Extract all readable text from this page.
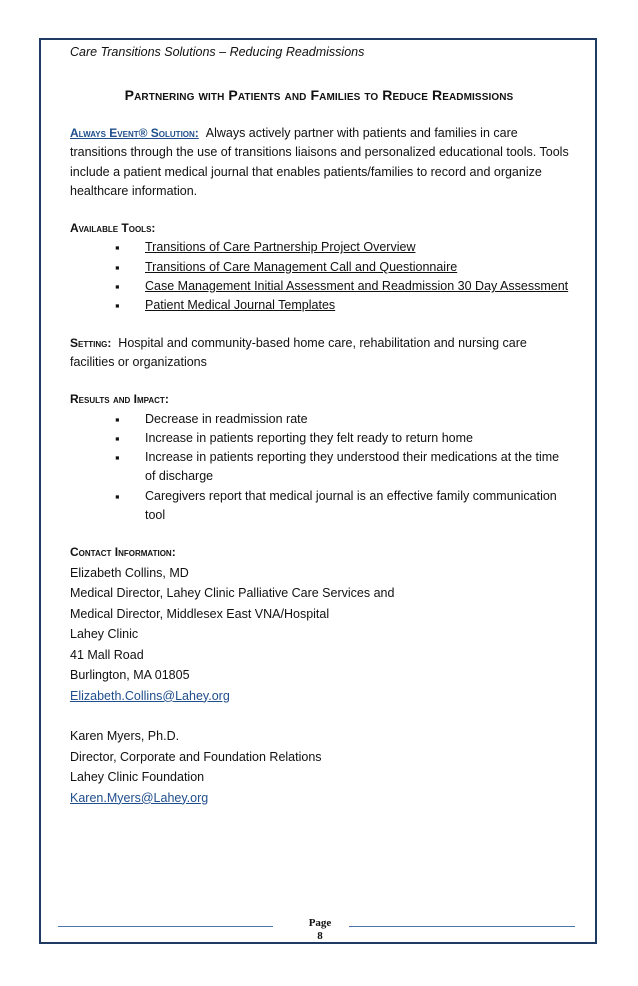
Care Transitions Solutions – Reducing Readmissions
Partnering with Patients and Families to Reduce Readmissions

Always Event® Solution: Always actively partner with patients and families in care transitions through the use of transitions liaisons and personalized educational tools. Tools include a patient medical journal that enables patients/families to record and organize healthcare information.

Available Tools:
▪ Transitions of Care Partnership Project Overview
▪ Transitions of Care Management Call and Questionnaire
▪ Case Management Initial Assessment and Readmission 30 Day Assessment
▪ Patient Medical Journal Templates

Setting: Hospital and community-based home care, rehabilitation and nursing care facilities or organizations

Results and Impact:
▪ Decrease in readmission rate
▪ Increase in patients reporting they felt ready to return home
▪ Increase in patients reporting they understood their medications at the time of discharge
▪ Caregivers report that medical journal is an effective family communication tool
Contact Information:
Elizabeth Collins, MD
Medical Director, Lahey Clinic Palliative Care Services and
Medical Director, Middlesex East VNA/Hospital
Lahey Clinic
41 Mall Road
Burlington, MA 01805
Elizabeth.Collins@Lahey.org
Karen Myers, Ph.D.
Director, Corporate and Foundation Relations
Lahey Clinic Foundation
Karen.Myers@Lahey.org
Page
8
